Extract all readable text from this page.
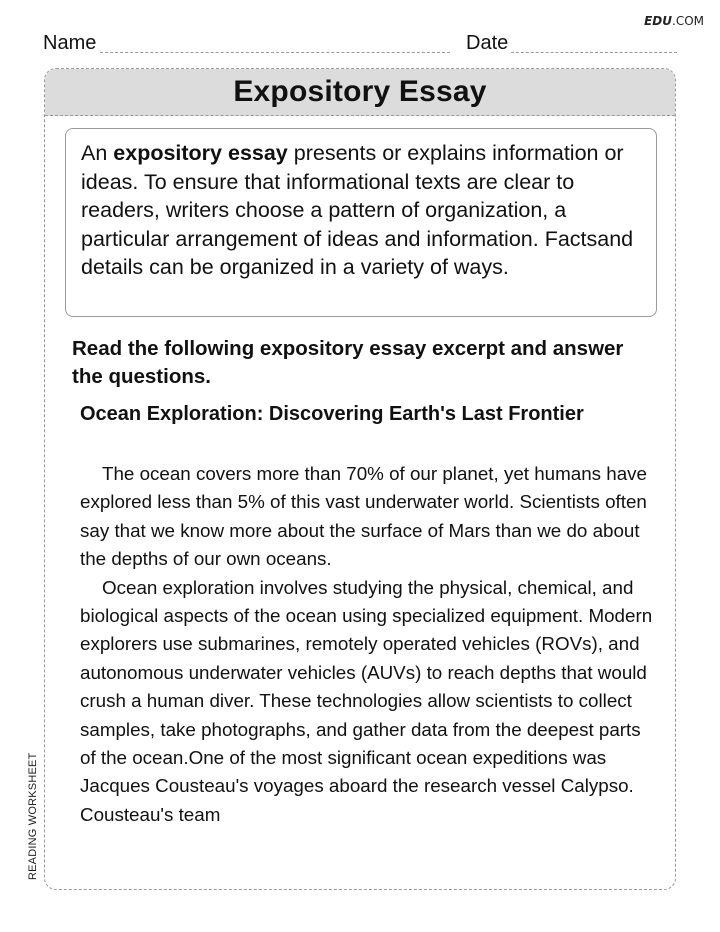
EDU.COM
Name	Date
Expository Essay
An expository essay presents or explains information or ideas. To ensure that informational texts are clear to readers, writers choose a pattern of organization, a particular arrangement of ideas and information. Factsand details can be organized in a variety of ways.
Read the following expository essay excerpt and answer the questions.
Ocean Exploration: Discovering Earth's Last Frontier

The ocean covers more than 70% of our planet, yet humans have explored less than 5% of this vast underwater world. Scientists often say that we know more about the surface of Mars than we do about the depths of our own oceans.

Ocean exploration involves studying the physical, chemical, and biological aspects of the ocean using specialized equipment. Modern explorers use submarines, remotely operated vehicles (ROVs), and autonomous underwater vehicles (AUVs) to reach depths that would crush a human diver. These technologies allow scientists to collect samples, take photographs, and gather data from the deepest parts of the ocean.One of the most significant ocean expeditions was Jacques Cousteau's voyages aboard the research vessel Calypso. Cousteau's team

READING WORKSHEET
